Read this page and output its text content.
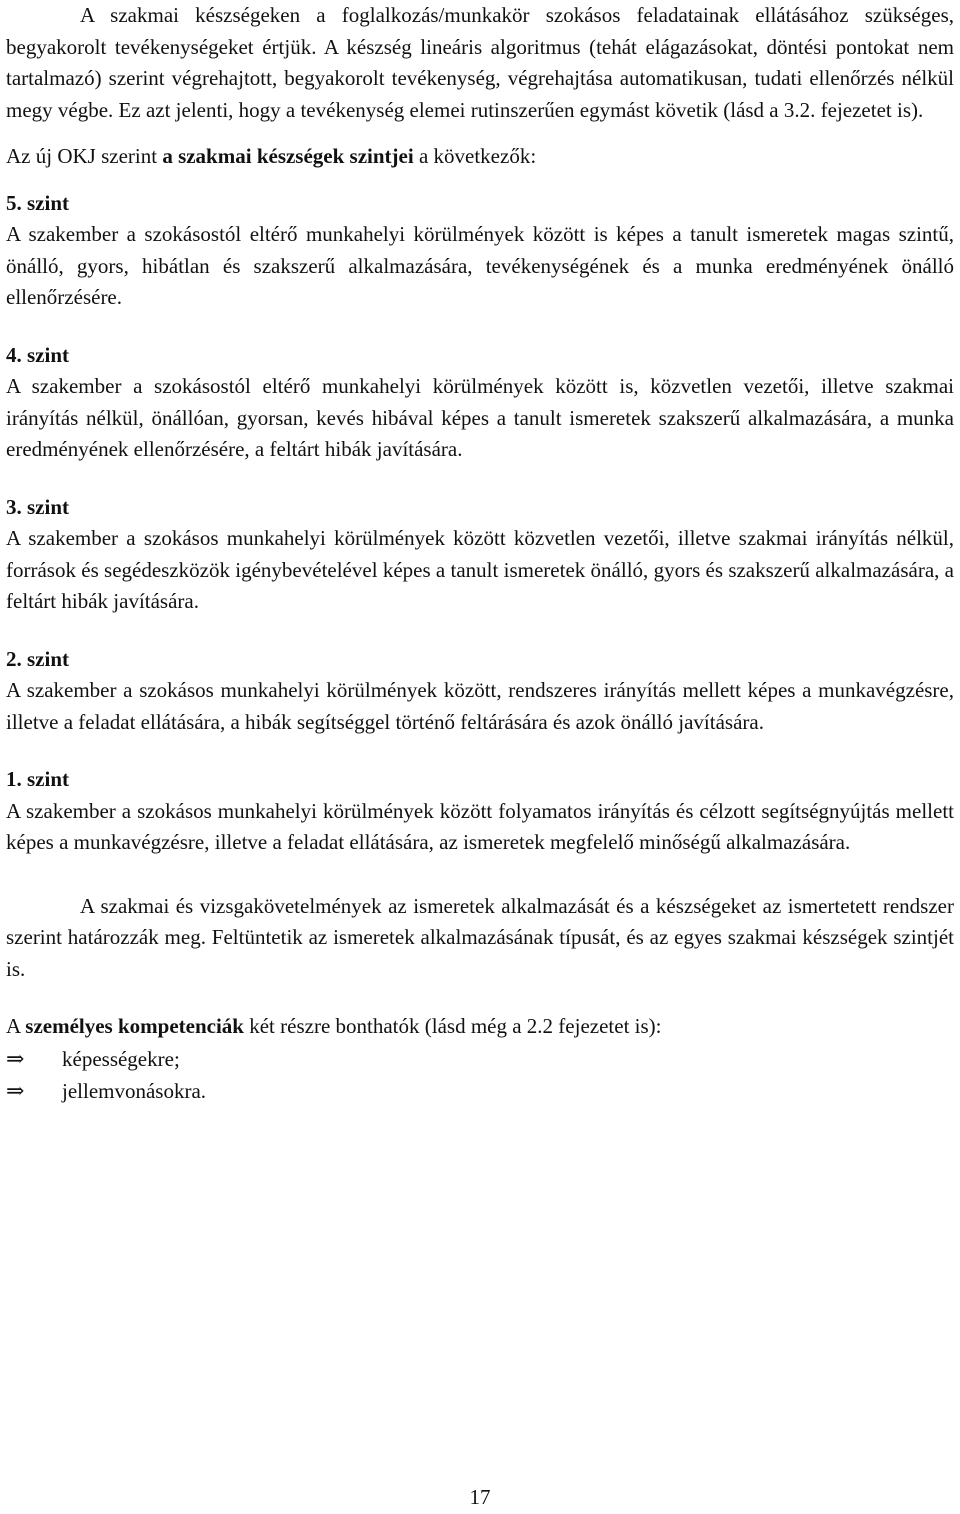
A szakmai készségeken a foglalkozás/munkakör szokásos feladatainak ellátásához szükséges, begyakorolt tevékenységeket értjük. A készség lineáris algoritmus (tehát elágazásokat, döntési pontokat nem tartalmazó) szerint végrehajtott, begyakorolt tevékenység, végrehajtása automatikusan, tudati ellenőrzés nélkül megy végbe. Ez azt jelenti, hogy a tevékenység elemei rutinszerűen egymást követik (lásd a 3.2. fejezetet is).

Az új OKJ szerint a szakmai készségek szintjei a következők:

5. szint

A szakember a szokásostól eltérő munkahelyi körülmények között is képes a tanult ismeretek magas szintű, önálló, gyors, hibátlan és szakszerű alkalmazására, tevékenységének és a munka eredményének önálló ellenőrzésére.

4. szint

A szakember a szokásostól eltérő munkahelyi körülmények között is, közvetlen vezetői, illetve szakmai irányítás nélkül, önállóan, gyorsan, kevés hibával képes a tanult ismeretek szakszerű alkalmazására, a munka eredményének ellenőrzésére, a feltárt hibák javítására.

3. szint

A szakember a szokásos munkahelyi körülmények között közvetlen vezetői, illetve szakmai irányítás nélkül, források és segédeszközök igénybevételével képes a tanult ismeretek önálló, gyors és szakszerű alkalmazására, a feltárt hibák javítására.

2. szint

A szakember a szokásos munkahelyi körülmények között, rendszeres irányítás mellett képes a munkavégzésre, illetve a feladat ellátására, a hibák segítséggel történő feltárására és azok önálló javítására.

1. szint

A szakember a szokásos munkahelyi körülmények között folyamatos irányítás és célzott segítségnyújtás mellett képes a munkavégzésre, illetve a feladat ellátására, az ismeretek megfelelő minőségű alkalmazására.

A szakmai és vizsgakövetelmények az ismeretek alkalmazását és a készségeket az ismertetett rendszer szerint határozzák meg. Feltüntetik az ismeretek alkalmazásának típusát, és az egyes szakmai készségek szintjét is.

A személyes kompetenciák két részre bonthatók (lásd még a 2.2 fejezetet is):

⇒	képességekre;
⇒	jellemvonásokra.
17
